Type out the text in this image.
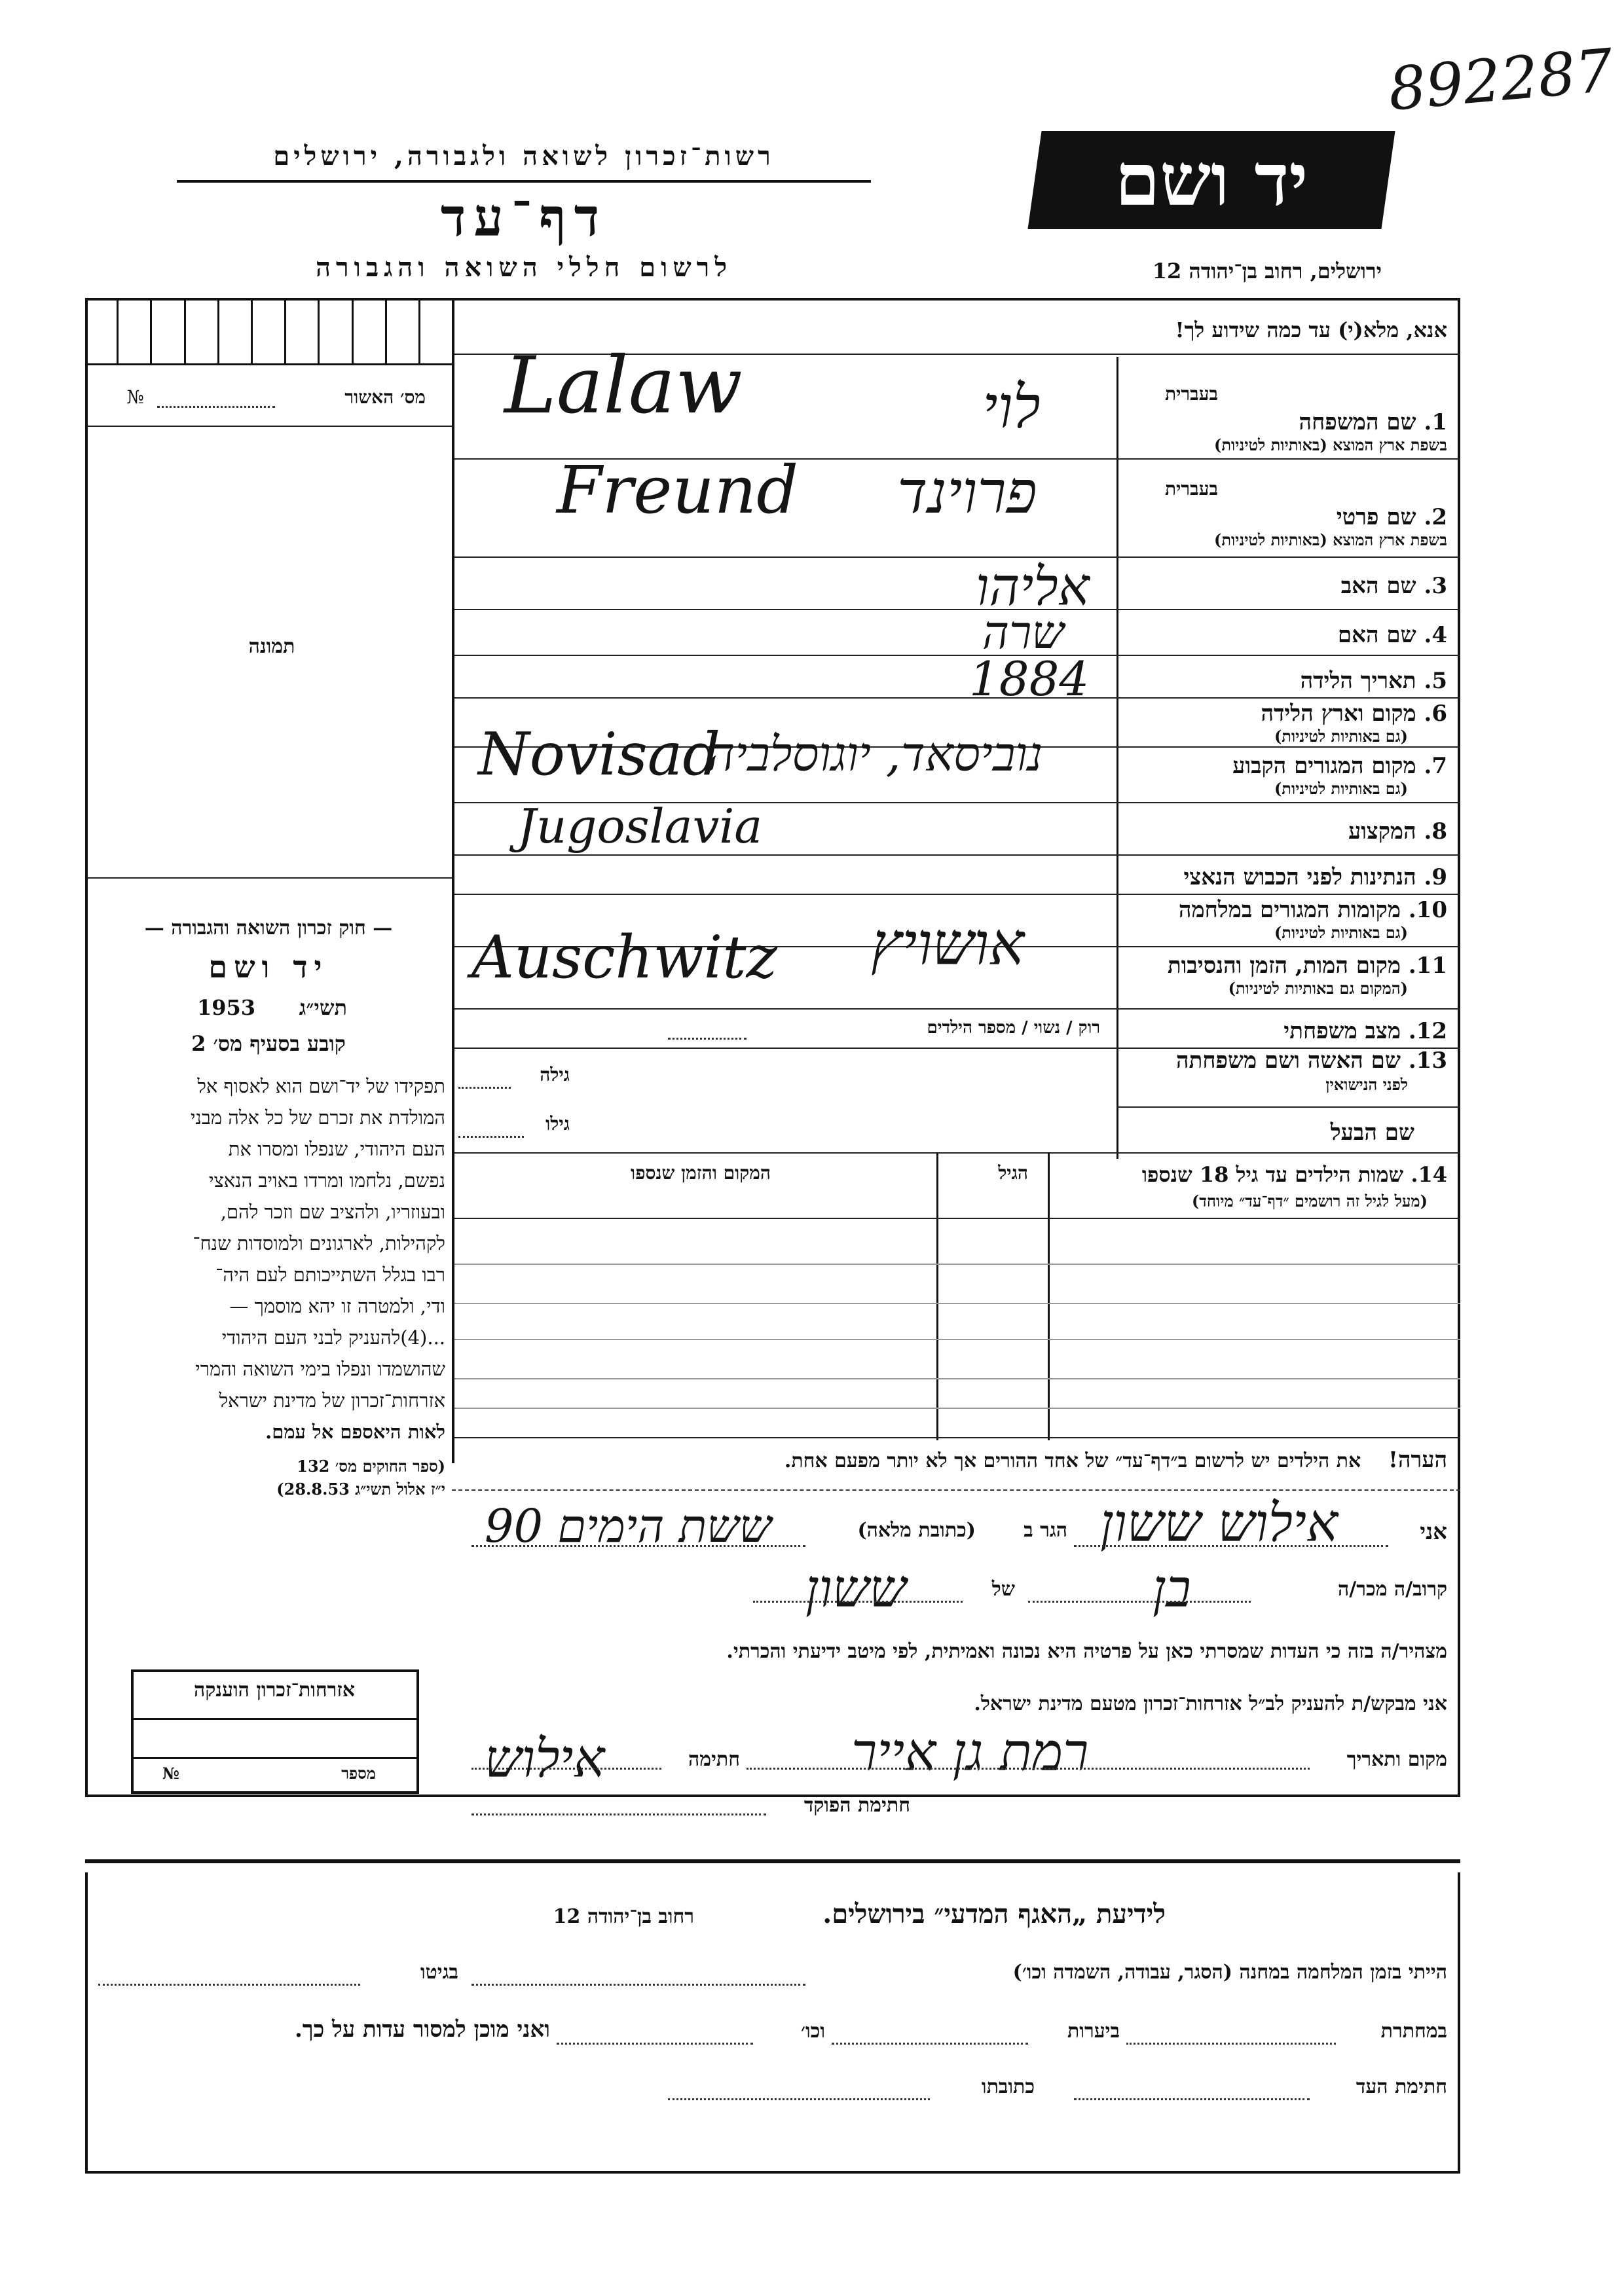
892287
יד ושם
רשות־זכרון לשואה ולגבורה, ירושלים
דף־עד
לרשום חללי השואה והגבורה	ירושלים, רחוב בן־יהודה 12
מס׳ האשור
№
תמונה
— חוק זכרון השואה והגבורה —
יד ושם
תשי״ג
1953
קובע בסעיף מס׳ 2
תפקידו של יד־ושם הוא לאסוף אל
המולדת את זכרם של כל אלה מבני
העם היהודי, שנפלו ומסרו את
נפשם, נלחמו ומרדו באויב הנאצי
ובעוזריו, ולהציב שם וזכר להם,
לקהילות, לארגונים ולמוסדות שנח־
רבו בגלל השתייכותם לעם היה־
ודי, ולמטרה זו יהא מוסמך —
...(4)להעניק לבני העם היהודי
שהושמדו ונפלו בימי השואה והמרי
אזרחות־זכרון של מדינת ישראל
לאות היאספם אל עמם.
(ספר החוקים מס׳ 132
י״ז אלול תשי״ג 28.8.53)
אנא, מלא(י) עד כמה שידוע לך!
בעברית
1. שם המשפחה
בשפת ארץ המוצא (באותיות לטיניות)
בעברית
2. שם פרטי
בשפת ארץ המוצא (באותיות לטיניות)
3. שם האב
4. שם האם
5. תאריך הלידה
6. מקום וארץ הלידה
(גם באותיות לטיניות)
7. מקום המגורים הקבוע
(גם באותיות לטיניות)
8. המקצוע
9. הנתינות לפני הכבוש הנאצי
10. מקומות המגורים במלחמה
(גם באותיות לטיניות)
11. מקום המות, הזמן והנסיבות
(המקום גם באותיות לטיניות)
12. מצב משפחתי
רוק / נשוי / מספר הילדים
13. שם האשה ושם משפחתה
לפני הנישואין
גילה
שם הבעל
גילו
14. שמות הילדים עד גיל 18 שנספו
(מעל לגיל זה רושמים ״דף־עד״ מיוחד)
הגיל
המקום והזמן שנספו
הערה!    את הילדים יש לרשום ב״דף־עד״ של אחד ההורים אך לא יותר מפעם אחת.
Lalaw	לוי
Freund פרוינד
אליהו
שרה
1884
Novisad
נוביסאד, יוגוסלביה
Jugoslavia
Auschwitz אושויץ
אני
אילוש ששון
הגר ב
(כתובת מלאה)
ששת הימים 90
קרוב/ה מכר/ה
בן
של
ששון
מצהיר/ה בזה כי העדות שמסרתי כאן על פרטיה היא נכונה ואמיתית, לפי מיטב ידיעתי והכרתי.
אני מבקש/ת להעניק לב״ל אזרחות־זכרון מטעם מדינת ישראל.
מקום ותאריך
רמת גן אייר
חתימה
אילוש
חתימת הפוקד
אזרחות־זכרון הוענקה
מספר
№
לידיעת „האגף המדעי״ בירושלים.
רחוב בן־יהודה 12
הייתי בזמן המלחמה במחנה (הסגר, עבודה, השמדה וכו׳)
בגיטו
במחתרת
ביערות
וכו׳
ואני מוכן למסור עדות על כך.
חתימת העד
כתובתו
